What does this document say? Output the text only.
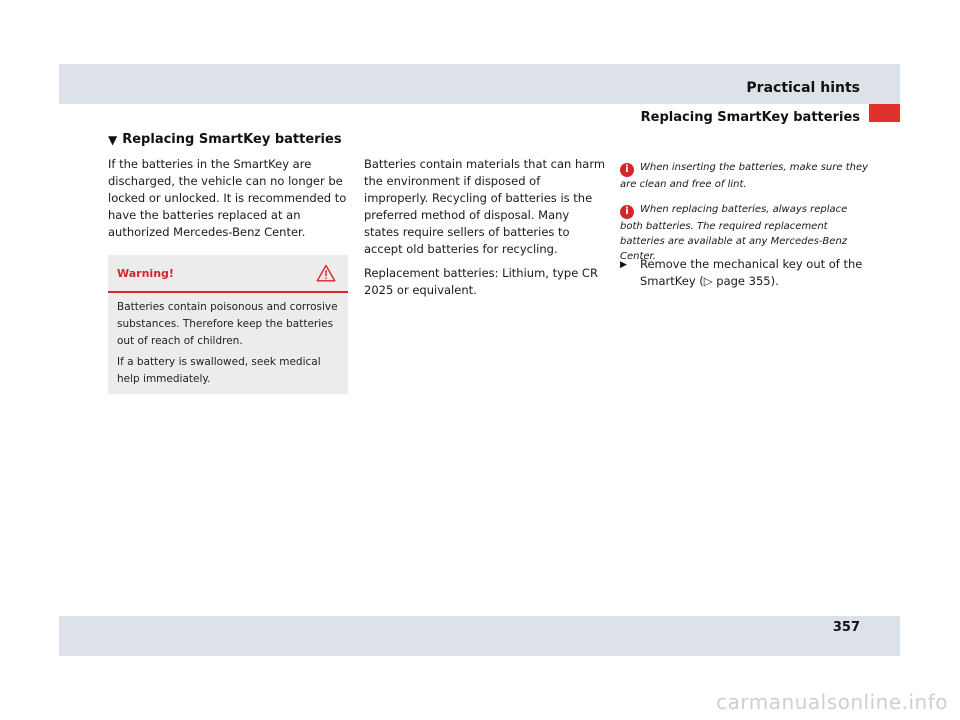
Practical hints
Replacing SmartKey batteries
▼ Replacing SmartKey batteries

If the batteries in the SmartKey are discharged, the vehicle can no longer be locked or unlocked. It is recommended to have the batteries replaced at an authorized Mercedes-Benz Center.

Warning!

Batteries contain poisonous and corrosive substances. Therefore keep the batteries out of reach of children.

If a battery is swallowed, seek medical help immediately.

Batteries contain materials that can harm the environment if disposed of improperly. Recycling of batteries is the preferred method of disposal. Many states require sellers of batteries to accept old batteries for recycling.

Replacement batteries: Lithium, type CR 2025 or equivalent.

i When inserting the batteries, make sure they are clean and free of lint.

i When replacing batteries, always replace both batteries. The required replacement batteries are available at any Mercedes-Benz Center.

▶	Remove the mechanical key out of the SmartKey (▷ page 355).
357
carmanualsonline.info
